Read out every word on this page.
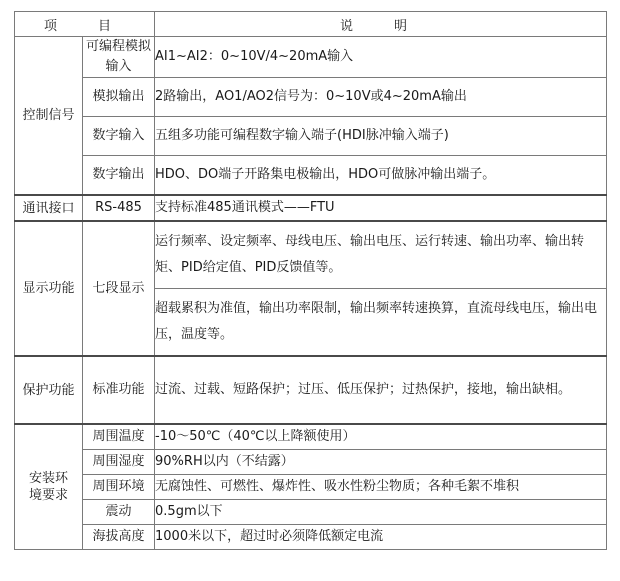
项　目		说　明
控制信号	可编程模拟输入	AI1~AI2：0~10V/4~20mA输入
	模拟输出	2路输出，AO1/AO2信号为：0~10V或4~20mA输出
	数字输入	五组多功能可编程数字输入端子(HDI脉冲输入端子)
	数字输出	HDO、DO端子开路集电极输出，HDO可做脉冲输出端子。
通讯接口	RS-485	支持标准485通讯模式——FTU
显示功能	七段显示	运行频率、设定频率、母线电压、输出电压、运行转速、输出功率、输出转矩、PID给定值、PID反馈值等。
		超载累积为准值，输出功率限制，输出频率转速换算，直流母线电压，输出电压，温度等。
保护功能	标准功能	过流、过载、短路保护；过压、低压保护；过热保护，接地，输出缺相。
安装环境要求	周围温度	-10～50℃（40℃以上降额使用）
	周围湿度	90%RH以内（不结露）
	周围环境	无腐蚀性、可燃性、爆炸性、吸水性粉尘物质；各种毛絮不堆积
	震动	0.5gm以下
	海拔高度	1000米以下，超过时必须降低额定电流
